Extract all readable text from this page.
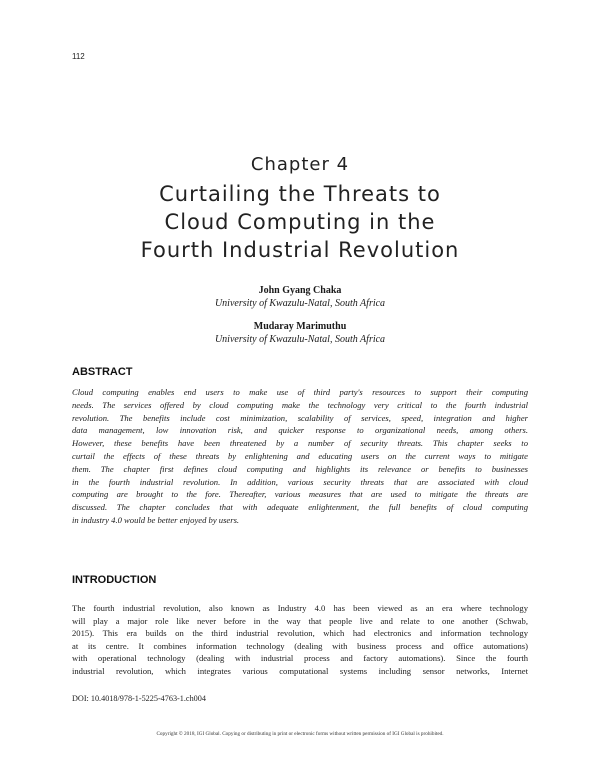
112
Chapter 4
Curtailing the Threats to
Cloud Computing in the
Fourth Industrial Revolution
John Gyang Chaka
University of Kwazulu-Natal, South Africa
Mudaray Marimuthu
University of Kwazulu-Natal, South Africa
ABSTRACT
Cloud computing enables end users to make use of third party's resources to support their computing
needs. The services offered by cloud computing make the technology very critical to the fourth industrial
revolution. The benefits include cost minimization, scalability of services, speed, integration and higher
data management, low innovation risk, and quicker response to organizational needs, among others.
However, these benefits have been threatened by a number of security threats. This chapter seeks to
curtail the effects of these threats by enlightening and educating users on the current ways to mitigate
them. The chapter first defines cloud computing and highlights its relevance or benefits to businesses
in the fourth industrial revolution. In addition, various security threats that are associated with cloud
computing are brought to the fore. Thereafter, various measures that are used to mitigate the threats are
discussed. The chapter concludes that with adequate enlightenment, the full benefits of cloud computing
in industry 4.0 would be better enjoyed by users.
INTRODUCTION
The fourth industrial revolution, also known as Industry 4.0 has been viewed as an era where technology
will play a major role like never before in the way that people live and relate to one another (Schwab,
2015). This era builds on the third industrial revolution, which had electronics and information technology
at its centre. It combines information technology (dealing with business process and office automations)
with operational technology (dealing with industrial process and factory automations). Since the fourth
industrial revolution, which integrates various computational systems including sensor networks, Internet
DOI: 10.4018/978-1-5225-4763-1.ch004
Copyright © 2018, IGI Global. Copying or distributing in print or electronic forms without written permission of IGI Global is prohibited.
